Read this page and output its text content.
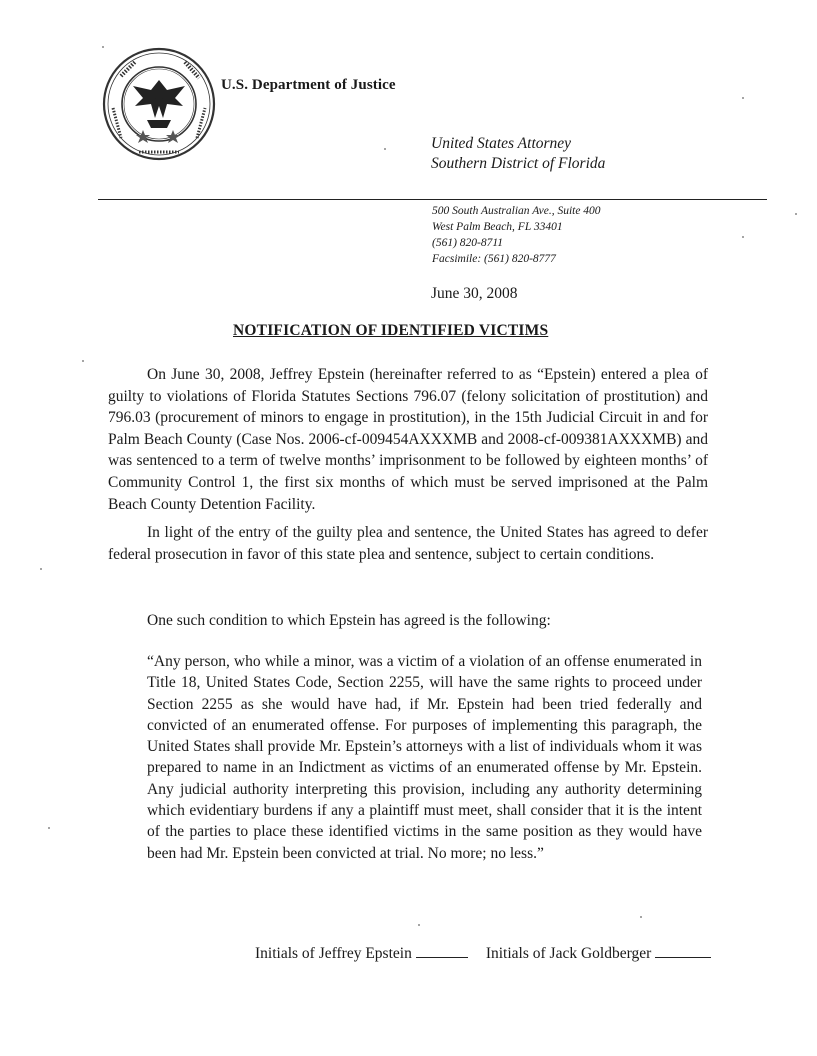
U.S. Department of Justice
United States Attorney
Southern District of Florida
500 South Australian Ave., Suite 400
West Palm Beach, FL 33401
(561) 820-8711
Facsimile: (561) 820-8777
June 30, 2008
NOTIFICATION OF IDENTIFIED VICTIMS
On June 30, 2008, Jeffrey Epstein (hereinafter referred to as “Epstein) entered a plea of guilty to violations of Florida Statutes Sections 796.07 (felony solicitation of prostitution) and 796.03 (procurement of minors to engage in prostitution), in the 15th Judicial Circuit in and for Palm Beach County (Case Nos. 2006-cf-009454AXXXMB and 2008-cf-009381AXXXMB) and was sentenced to a term of twelve months’ imprisonment to be followed by eighteen months’ of Community Control 1, the first six months of which must be served imprisoned at the Palm Beach County Detention Facility.
In light of the entry of the guilty plea and sentence, the United States has agreed to defer federal prosecution in favor of this state plea and sentence, subject to certain conditions.
One such condition to which Epstein has agreed is the following:
“Any person, who while a minor, was a victim of a violation of an offense enumerated in Title 18, United States Code, Section 2255, will have the same rights to proceed under Section 2255 as she would have had, if Mr. Epstein had been tried federally and convicted of an enumerated offense. For purposes of implementing this paragraph, the United States shall provide Mr. Epstein’s attorneys with a list of individuals whom it was prepared to name in an Indictment as victims of an enumerated offense by Mr. Epstein. Any judicial authority interpreting this provision, including any authority determining which evidentiary burdens if any a plaintiff must meet, shall consider that it is the intent of the parties to place these identified victims in the same position as they would have been had Mr. Epstein been convicted at trial. No more; no less.”
Initials of Jeffrey Epstein	Initials of Jack Goldberger
